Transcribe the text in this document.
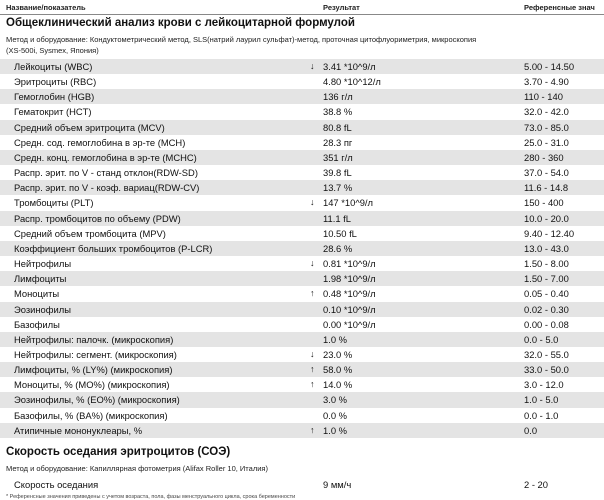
Название/показатель	Результат	Референсные знач
Общеклинический анализ крови с лейкоцитарной формулой
Метод и оборудование: Кондуктометрический метод, SLS(натрий лаурил сульфат)-метод, проточная цитофлуориметрия, микроскопия
(XS-500i, Sysmex, Япония)
Лейкоциты (WBC)	↓ 3.41 *10^9/л	5.00 - 14.50
Эритроциты (RBC)	4.80 *10^12/л	3.70 - 4.90
Гемоглобин (HGB)	136 г/л	110 - 140
Гематокрит (HCT)	38.8 %	32.0 - 42.0
Средний объем эритроцита (MCV)	80.8 fL	73.0 - 85.0
Средн. сод. гемоглобина в эр-те (MCH)	28.3 пг	25.0 - 31.0
Средн. конц. гемоглобина в эр-те (MCHC)	351 г/л	280 - 360
Распр. эрит. по V - станд отклон(RDW-SD)	39.8 fL	37.0 - 54.0
Распр. эрит. по V - коэф. вариац(RDW-CV)	13.7 %	11.6 - 14.8
Тромбоциты (PLT)	↓ 147 *10^9/л	150 - 400
Распр. тромбоцитов по объему (PDW)	11.1 fL	10.0 - 20.0
Средний объем тромбоцита (MPV)	10.50 fL	9.40 - 12.40
Коэффициент больших тромбоцитов (P-LCR)	28.6 %	13.0 - 43.0
Нейтрофилы	↓ 0.81 *10^9/л	1.50 - 8.00
Лимфоциты	1.98 *10^9/л	1.50 - 7.00
Моноциты	↑ 0.48 *10^9/л	0.05 - 0.40
Эозинофилы	0.10 *10^9/л	0.02 - 0.30
Базофилы	0.00 *10^9/л	0.00 - 0.08
Нейтрофилы: палочк. (микроскопия)	1.0 %	0.0 - 5.0
Нейтрофилы: сегмент. (микроскопия)	↓ 23.0 %	32.0 - 55.0
Лимфоциты, % (LY%) (микроскопия)	↑ 58.0 %	33.0 - 50.0
Моноциты, % (MO%) (микроскопия)	↑ 14.0 %	3.0 - 12.0
Эозинофилы, % (EO%) (микроскопия)	3.0 %	1.0 - 5.0
Базофилы, % (BA%) (микроскопия)	0.0 %	0.0 - 1.0
Атипичные мононуклеары, %	↑ 1.0 %	0.0
Скорость оседания эритроцитов (СОЭ)
Метод и оборудование: Капиллярная фотометрия (Alifax Roller 10, Италия)
Скорость оседания	9 мм/ч	2 - 20
* Референсные значения приведены с учетом возраста, пола, фазы менструального цикла, срока беременности
